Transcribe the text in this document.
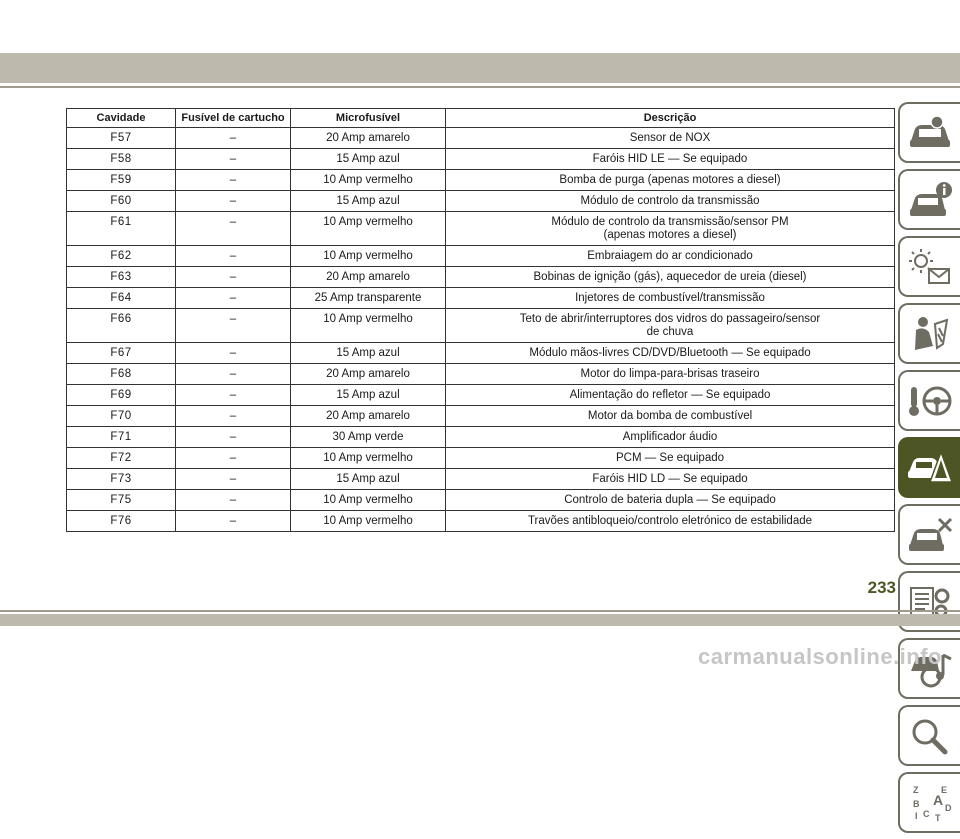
Cavidade	Fusível de cartucho	Microfusível	Descrição
F57	–	20 Amp amarelo	Sensor de NOX
F58	–	15 Amp azul	Faróis HID LE — Se equipado
F59	–	10 Amp vermelho	Bomba de purga (apenas motores a diesel)
F60	–	15 Amp azul	Módulo de controlo da transmissão
F61	–	10 Amp vermelho	Módulo de controlo da transmissão/sensor PM
(apenas motores a diesel)
F62	–	10 Amp vermelho	Embraiagem do ar condicionado
F63	–	20 Amp amarelo	Bobinas de ignição (gás), aquecedor de ureia (diesel)
F64	–	25 Amp transparente	Injetores de combustível/transmissão
F66	–	10 Amp vermelho	Teto de abrir/interruptores dos vidros do passageiro/sensor
de chuva
F67	–	15 Amp azul	Módulo mãos-livres CD/DVD/Bluetooth — Se equipado
F68	–	20 Amp amarelo	Motor do limpa-para-brisas traseiro
F69	–	15 Amp azul	Alimentação do refletor — Se equipado
F70	–	20 Amp amarelo	Motor da bomba de combustível
F71	–	30 Amp verde	Amplificador áudio
F72	–	10 Amp vermelho	PCM — Se equipado
F73	–	15 Amp azul	Faróis HID LD — Se equipado
F75	–	10 Amp vermelho	Controlo de bateria dupla — Se equipado
F76	–	10 Amp vermelho	Travões antibloqueio/controlo eletrónico de estabilidade
Z	E
A
B	D
C
I T
233
carmanualsonline.info
